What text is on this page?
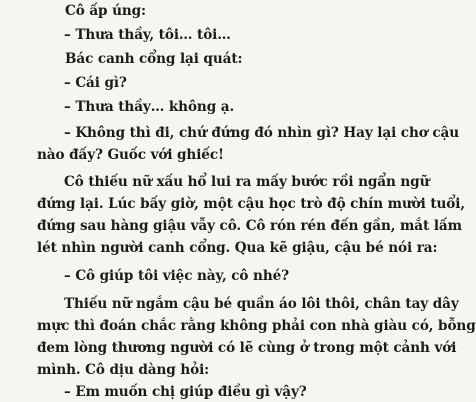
Cô ấp úng:

– Thưa thầy, tôi… tôi…

Bác canh cổng lại quát:

– Cái gì?

– Thưa thầy… không ạ.

– Không thì đi, chứ đứng đó nhìn gì? Hay lại chơ cậu

nào đấy? Guốc với ghiếc!

Cô thiếu nữ xấu hổ lui ra mấy bước rồi ngẩn ngữ

đứng lại. Lúc bấy giờ, một cậu học trò độ chín mười tuổi,

đứng sau hàng giậu vẫy cô. Cô rón rén đến gần, mắt lấm

lét nhìn người canh cổng. Qua kẽ giậu, cậu bé nói ra:

– Cô giúp tôi việc này, cô nhé?

Thiếu nữ ngắm cậu bé quần áo lôi thôi, chân tay dây

mực thì đoán chắc rằng không phải con nhà giàu có, bỗng

đem lòng thương người có lẽ cùng ở trong một cảnh với

mình. Cô dịu dàng hỏi:

– Em muốn chị giúp điều gì vậy?
